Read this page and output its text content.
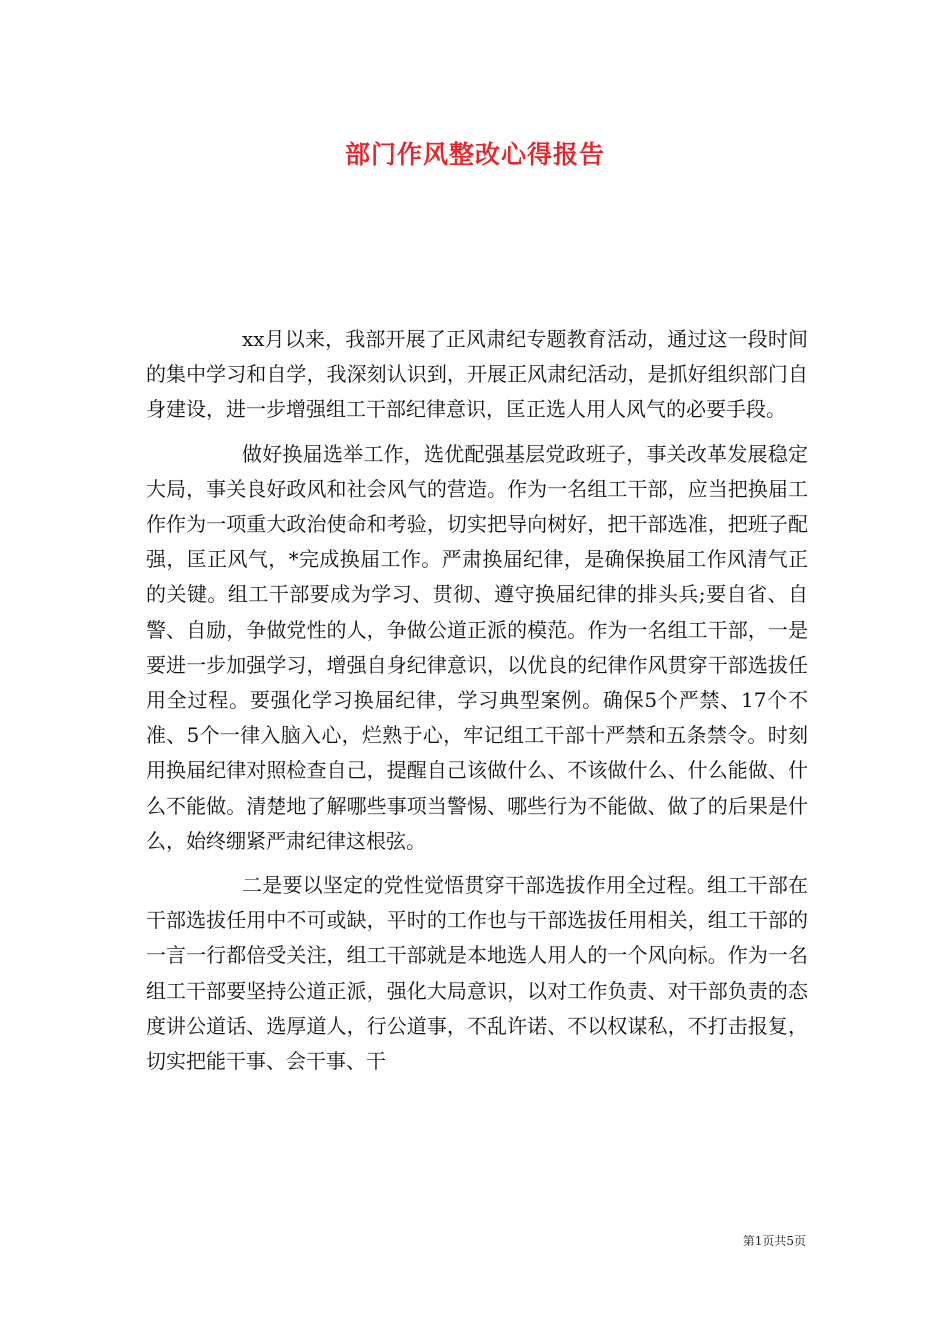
部门作风整改心得报告

xx月以来，我部开展了正风肃纪专题教育活动，通过这一段时间的集中学习和自学，我深刻认识到，开展正风肃纪活动，是抓好组织部门自身建设，进一步增强组工干部纪律意识，匡正选人用人风气的必要手段。

做好换届选举工作，选优配强基层党政班子，事关改革发展稳定大局，事关良好政风和社会风气的营造。作为一名组工干部，应当把换届工作作为一项重大政治使命和考验，切实把导向树好，把干部选准，把班子配强，匡正风气，*完成换届工作。严肃换届纪律，是确保换届工作风清气正的关键。组工干部要成为学习、贯彻、遵守换届纪律的排头兵;要自省、自警、自励，争做党性的人，争做公道正派的模范。作为一名组工干部，一是要进一步加强学习，增强自身纪律意识，以优良的纪律作风贯穿干部选拔任用全过程。要强化学习换届纪律，学习典型案例。确保5个严禁、17个不准、5个一律入脑入心，烂熟于心，牢记组工干部十严禁和五条禁令。时刻用换届纪律对照检查自己，提醒自己该做什么、不该做什么、什么能做、什么不能做。清楚地了解哪些事项当警惕、哪些行为不能做、做了的后果是什么，始终绷紧严肃纪律这根弦。

二是要以坚定的党性觉悟贯穿干部选拔作用全过程。组工干部在干部选拔任用中不可或缺，平时的工作也与干部选拔任用相关，组工干部的一言一行都倍受关注，组工干部就是本地选人用人的一个风向标。作为一名组工干部要坚持公道正派，强化大局意识，以对工作负责、对干部负责的态度讲公道话、选厚道人，行公道事，不乱许诺、不以权谋私，不打击报复，切实把能干事、会干事、干

第1页共5页
